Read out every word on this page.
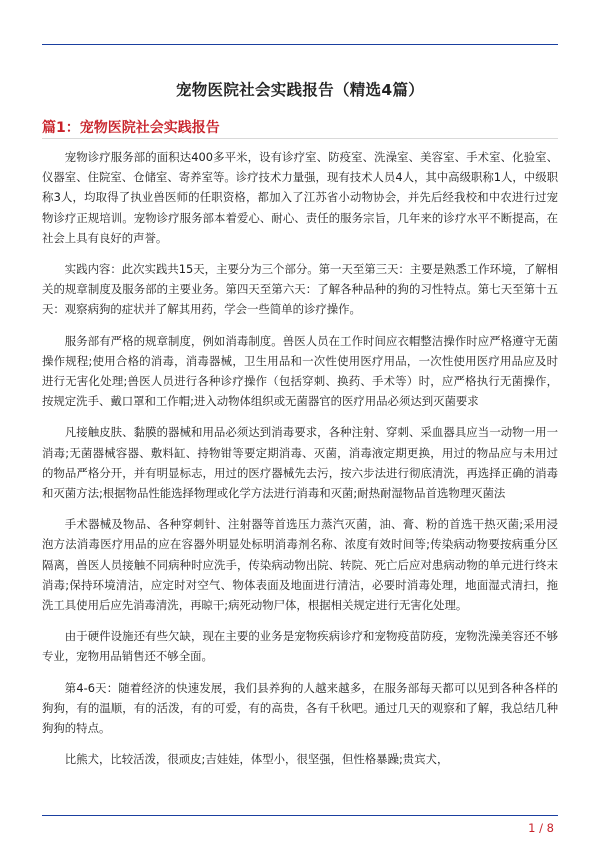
宠物医院社会实践报告（精选4篇）
篇1：宠物医院社会实践报告

宠物诊疗服务部的面积达400多平米，设有诊疗室、防疫室、洗澡室、美容室、手术室、化验室、仪器室、住院室、仓储室、寄养室等。诊疗技术力量强，现有技术人员4人，其中高级职称1人，中级职称3人，均取得了执业兽医师的任职资格，都加入了江苏省小动物协会，并先后经我校和中农进行过宠物诊疗正规培训。宠物诊疗服务部本着爱心、耐心、责任的服务宗旨，几年来的诊疗水平不断提高，在社会上具有良好的声誉。

实践内容：此次实践共15天，主要分为三个部分。第一天至第三天：主要是熟悉工作环境，了解相关的规章制度及服务部的主要业务。第四天至第六天：了解各种品种的狗的习性特点。第七天至第十五天：观察病狗的症状并了解其用药，学会一些简单的诊疗操作。

服务部有严格的规章制度，例如消毒制度。兽医人员在工作时间应衣帽整洁操作时应严格遵守无菌操作规程;使用合格的消毒，消毒器械，卫生用品和一次性使用医疗用品，一次性使用医疗用品应及时进行无害化处理;兽医人员进行各种诊疗操作（包括穿刺、换药、手术等）时，应严格执行无菌操作，按规定洗手、戴口罩和工作帽;进入动物体组织或无菌器官的医疗用品必须达到灭菌要求

凡接触皮肤、黏膜的器械和用品必须达到消毒要求，各种注射、穿刺、采血器具应当一动物一用一消毒;无菌器械容器、敷料缸、持物钳等要定期消毒、灭菌，消毒液定期更换，用过的物品应与未用过的物品严格分开，并有明显标志，用过的医疗器械先去污，按六步法进行彻底清洗，再选择正确的消毒和灭菌方法;根据物品性能选择物理或化学方法进行消毒和灭菌;耐热耐湿物品首选物理灭菌法

手术器械及物品、各种穿刺针、注射器等首选压力蒸汽灭菌，油、膏、粉的首选干热灭菌;采用浸泡方法消毒医疗用品的应在容器外明显处标明消毒剂名称、浓度有效时间等;传染病动物要按病重分区隔离，兽医人员接触不同病种时应洗手，传染病动物出院、转院、死亡后应对患病动物的单元进行终末消毒;保持环境清洁，应定时对空气、物体表面及地面进行清洁，必要时消毒处理，地面湿式清扫，拖洗工具使用后应先消毒清洗，再晾干;病死动物尸体，根据相关规定进行无害化处理。

由于硬件设施还有些欠缺，现在主要的业务是宠物疾病诊疗和宠物疫苗防疫，宠物洗澡美容还不够专业，宠物用品销售还不够全面。

第4-6天：随着经济的快速发展，我们县养狗的人越来越多，在服务部每天都可以见到各种各样的狗狗，有的温顺，有的活泼，有的可爱，有的高贵，各有千秋吧。通过几天的观察和了解，我总结几种狗狗的特点。

比熊犬，比较活泼，很顽皮;吉娃娃，体型小，很坚强，但性格暴躁;贵宾犬，

1 / 8
